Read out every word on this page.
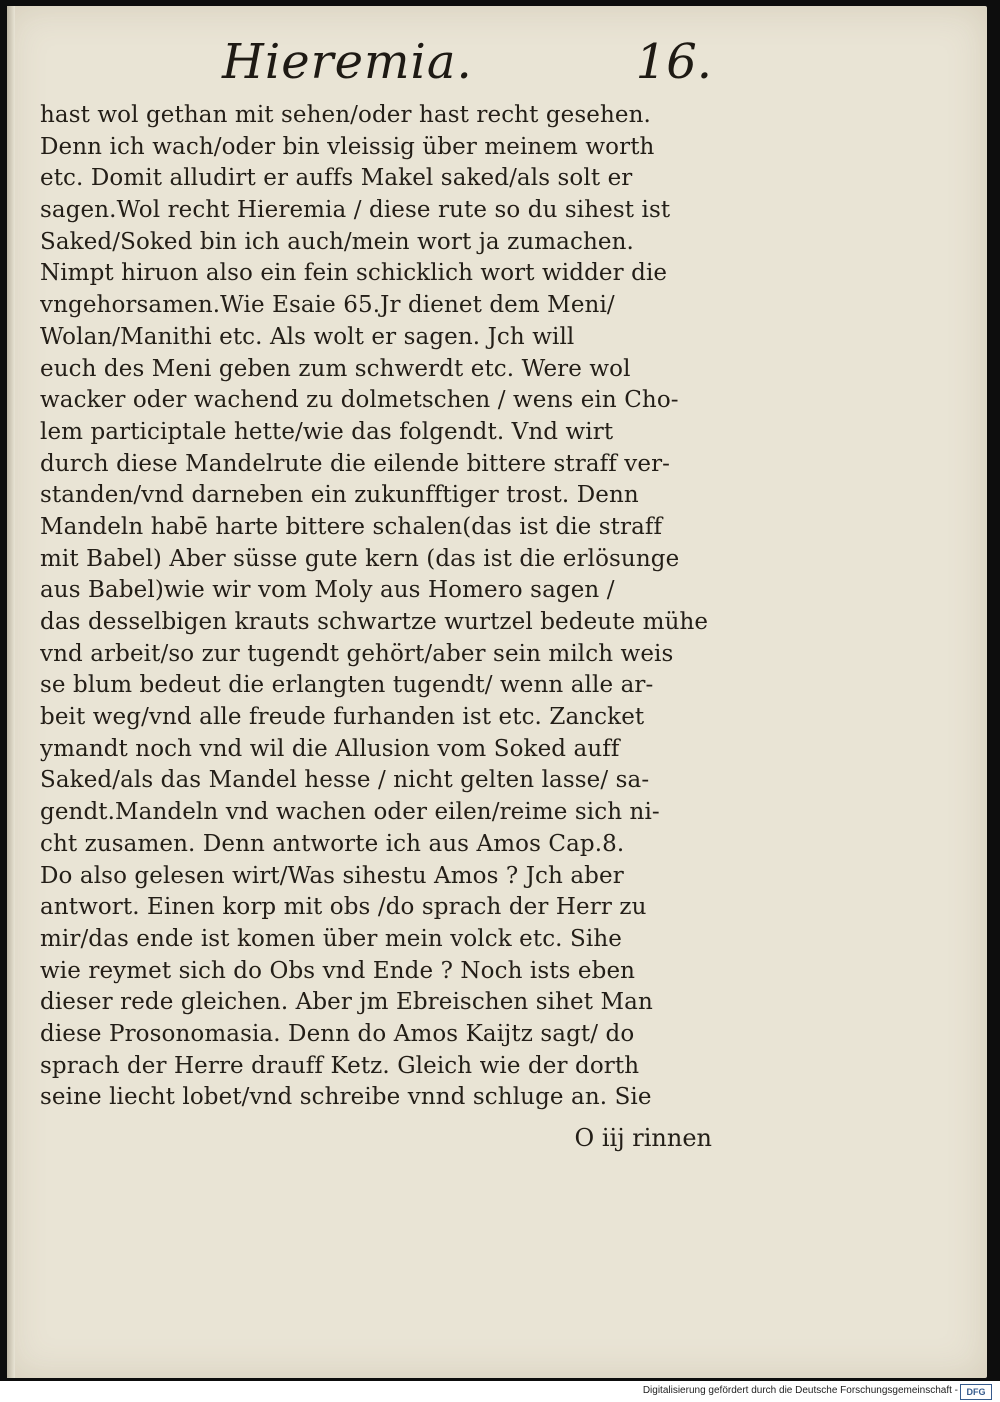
Hieremia.	16.
hast wol gethan mit sehen/oder hast recht gesehen.
Denn ich wach/oder bin vleissig über meinem worth
etc. Domit alludirt er auffs Makel saked/als solt er
sagen.Wol recht Hieremia / diese rute so du sihest ist
Saked/Soked bin ich auch/mein wort ja zumachen.
Nimpt hiruon also ein fein schicklich wort widder die
vngehorsamen.Wie Esaie 65.Jr dienet dem Meni/
Wolan/Manithi etc. Als wolt er sagen. Jch will
euch des Meni geben zum schwerdt etc. Were wol
wacker oder wachend zu dolmetschen / wens ein Cho-
lem participtale hette/wie das folgendt. Vnd wirt
durch diese Mandelrute die eilende bittere straff ver-
standen/vnd darneben ein zukunfftiger trost. Denn
Mandeln habē harte bittere schalen(das ist die straff
mit Babel) Aber süsse gute kern (das ist die erlösunge
aus Babel)wie wir vom Moly aus Homero sagen /
das desselbigen krauts schwartze wurtzel bedeute mühe
vnd arbeit/so zur tugendt gehört/aber sein milch weis
se blum bedeut die erlangten tugendt/ wenn alle ar-
beit weg/vnd alle freude furhanden ist etc. Zancket
ymandt noch vnd wil die Allusion vom Soked auff
Saked/als das Mandel hesse / nicht gelten lasse/ sa-
gendt.Mandeln vnd wachen oder eilen/reime sich ni-
cht zusamen. Denn antworte ich aus Amos Cap.8.
Do also gelesen wirt/Was sihestu Amos ? Jch aber
antwort. Einen korp mit obs /do sprach der Herr zu
mir/das ende ist komen über mein volck etc. Sihe
wie reymet sich do Obs vnd Ende ? Noch ists eben
dieser rede gleichen. Aber jm Ebreischen sihet Man
diese Prosonomasia. Denn do Amos Kaijtz sagt/ do
sprach der Herre drauff Ketz. Gleich wie der dorth
seine liecht lobet/vnd schreibe vnnd schluge an. Sie
O iij rinnen
Digitalisierung gefördert durch die Deutsche Forschungsgemeinschaft - DFG
